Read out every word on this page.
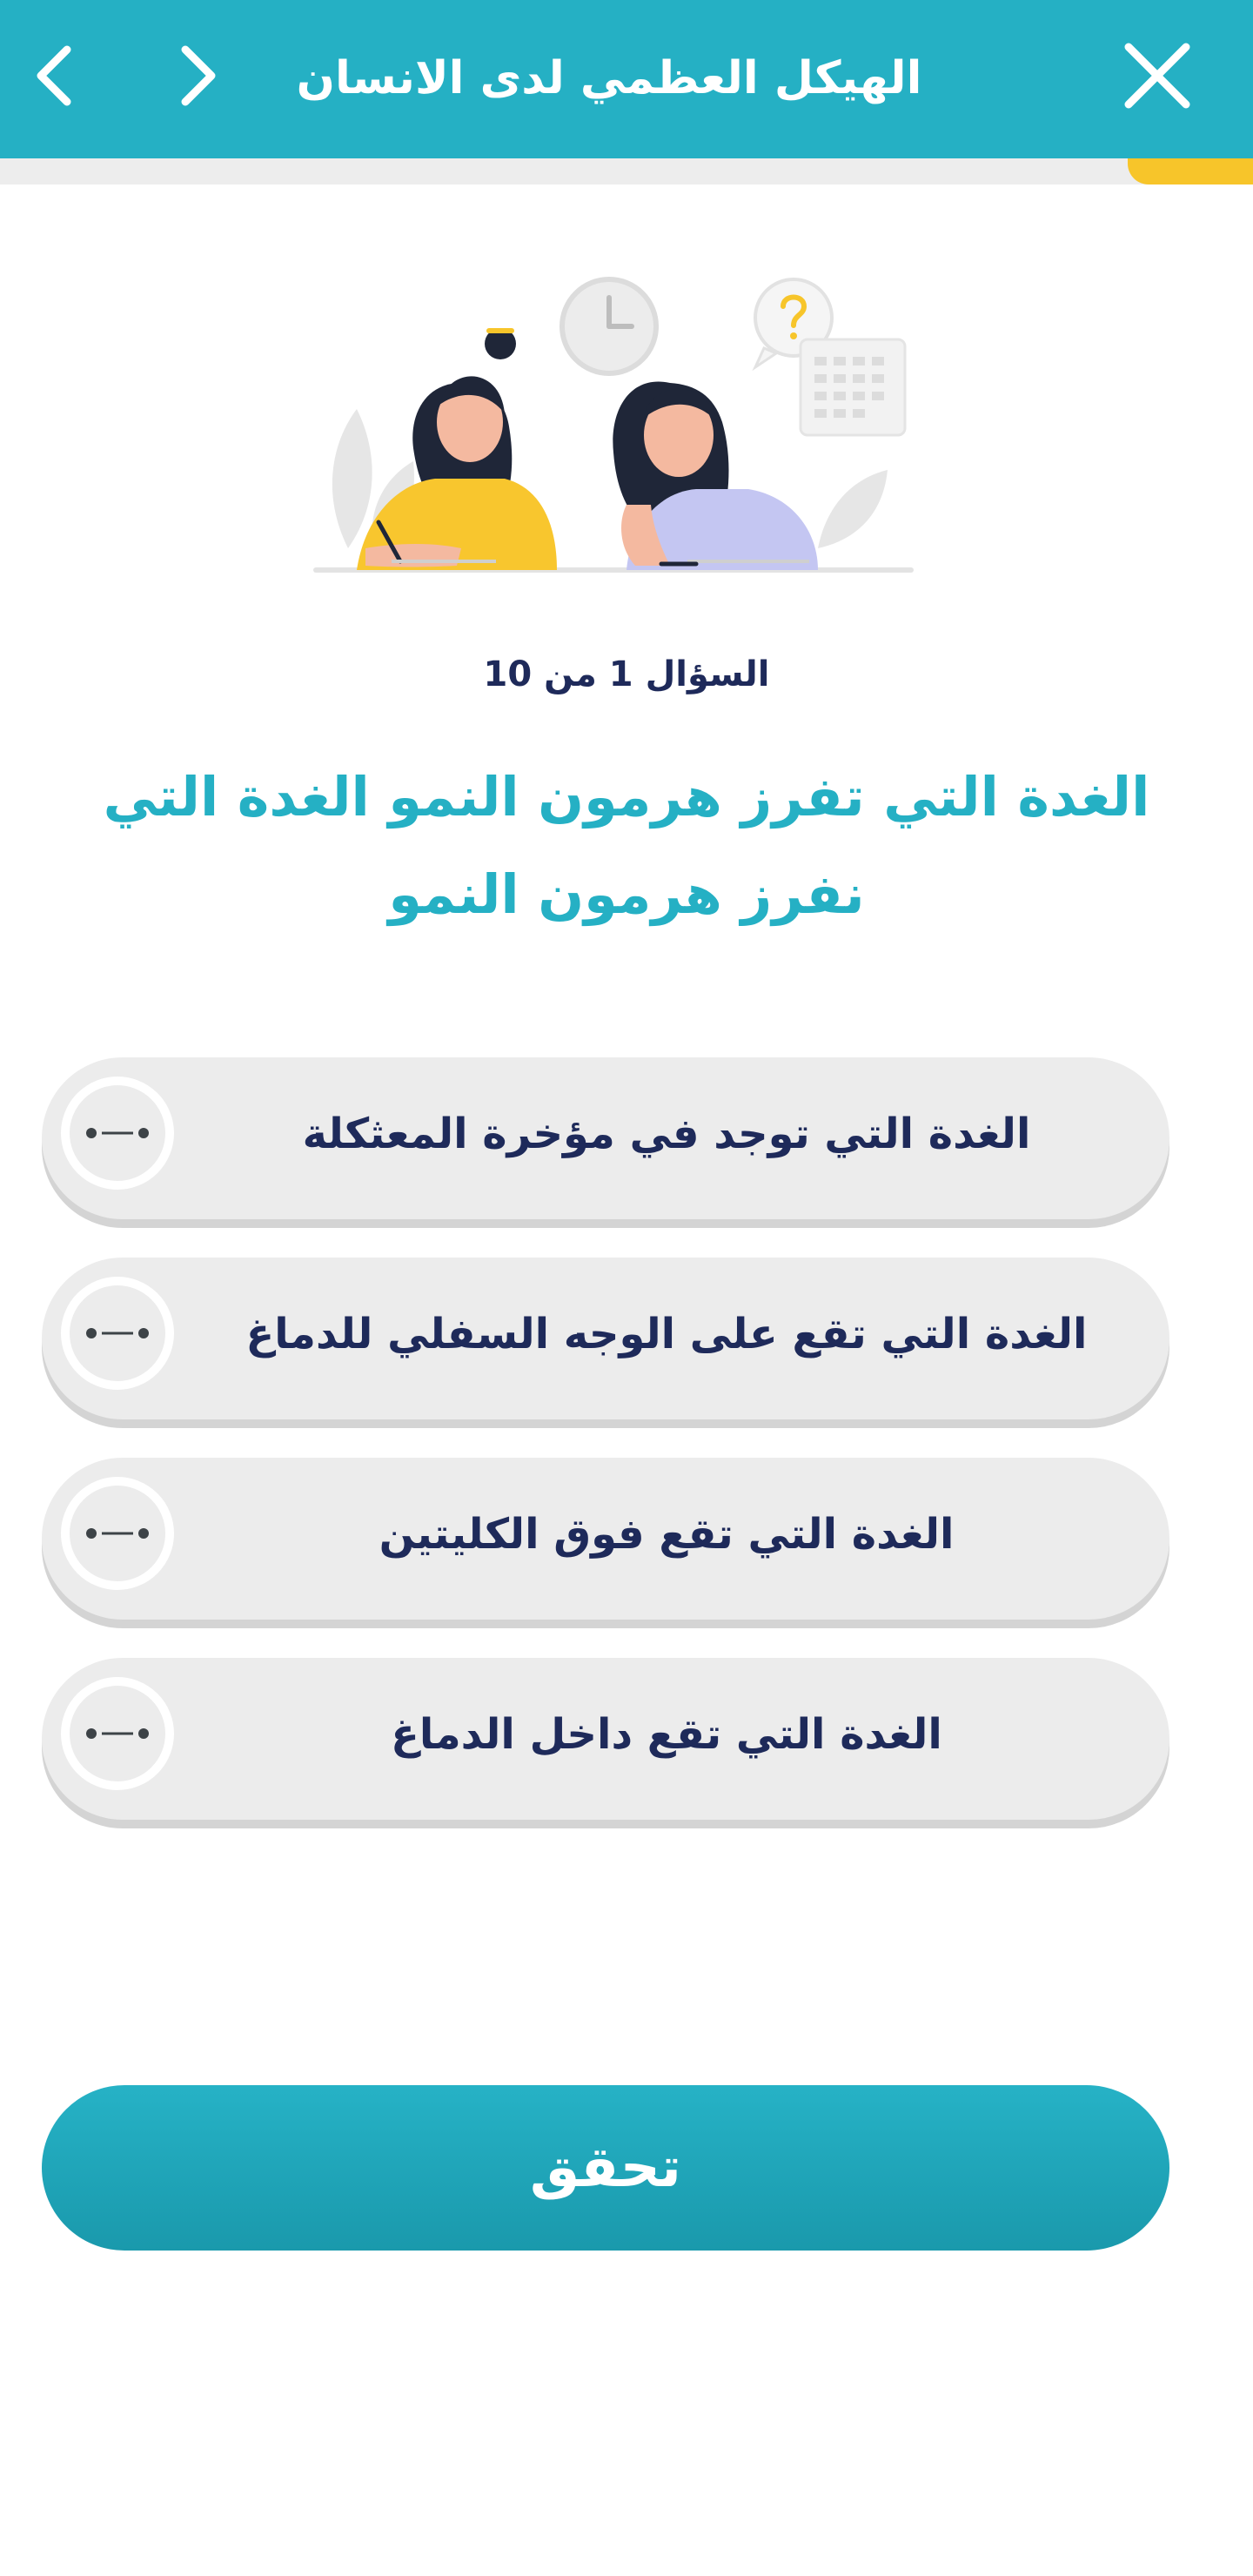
الهيكل العظمي لدى الانسان
السؤال 1 من 10
الغدة التي تفرز هرمون النمو الغدة التي نفرز هرمون النمو
الغدة التي توجد في مؤخرة المعثكلة
الغدة التي تقع على الوجه السفلي للدماغ
الغدة التي تقع فوق الكليتين
الغدة التي تقع داخل الدماغ
تحقق
